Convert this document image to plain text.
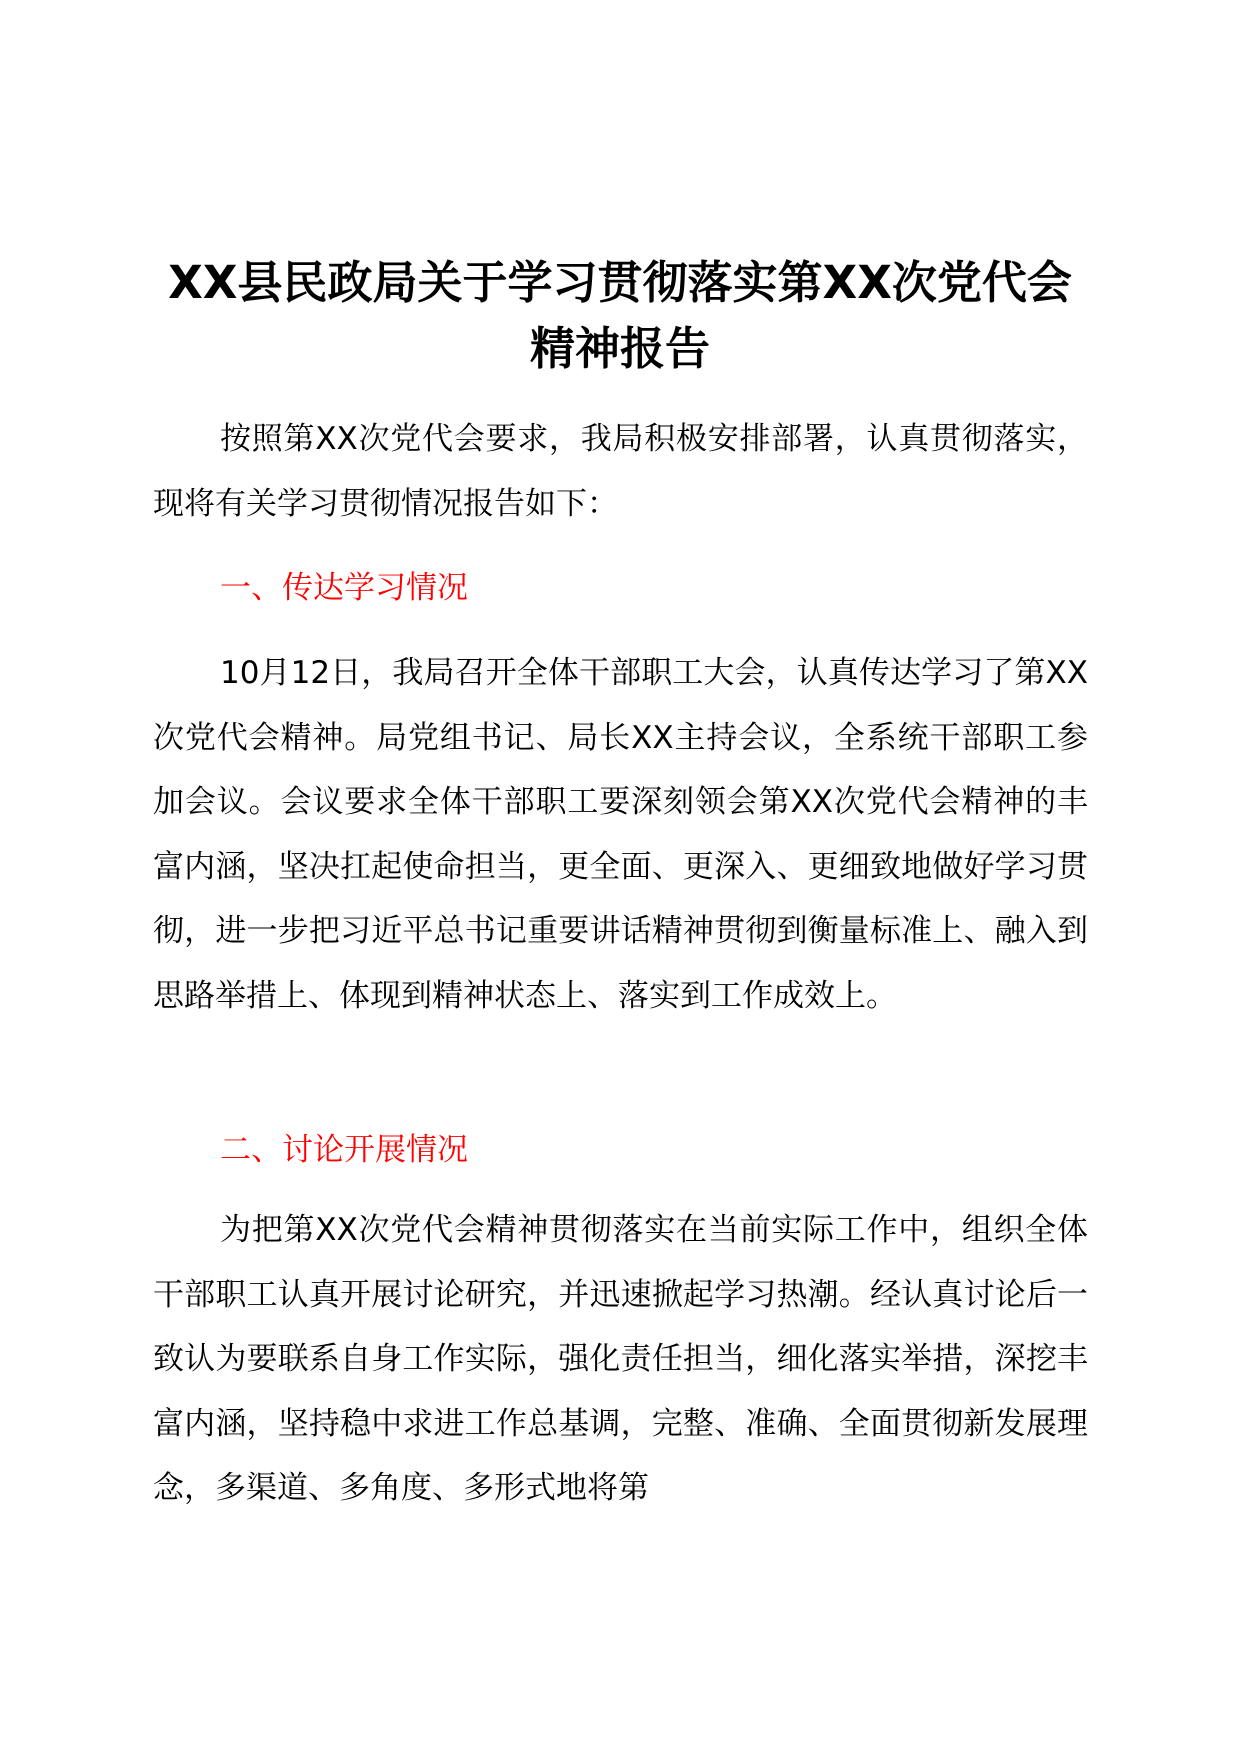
XX县民政局关于学习贯彻落实第XX次党代会精神报告

按照第XX次党代会要求，我局积极安排部署，认真贯彻落实，现将有关学习贯彻情况报告如下：

一、传达学习情况

10月12日，我局召开全体干部职工大会，认真传达学习了第XX次党代会精神。局党组书记、局长XX主持会议，全系统干部职工参加会议。会议要求全体干部职工要深刻领会第XX次党代会精神的丰富内涵，坚决扛起使命担当，更全面、更深入、更细致地做好学习贯彻，进一步把习近平总书记重要讲话精神贯彻到衡量标准上、融入到思路举措上、体现到精神状态上、落实到工作成效上。

二、讨论开展情况

为把第XX次党代会精神贯彻落实在当前实际工作中，组织全体干部职工认真开展讨论研究，并迅速掀起学习热潮。经认真讨论后一致认为要联系自身工作实际，强化责任担当，细化落实举措，深挖丰富内涵，坚持稳中求进工作总基调，完整、准确、全面贯彻新发展理念，多渠道、多角度、多形式地将第
